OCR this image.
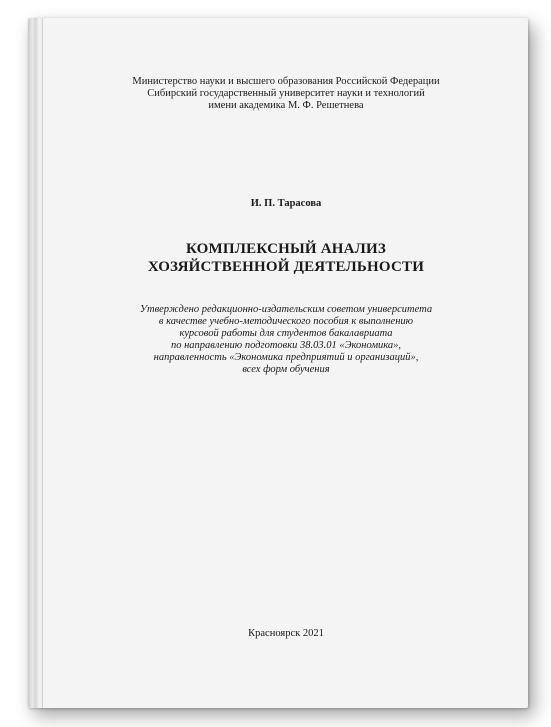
Министерство науки и высшего образования Российской Федерации
Сибирский государственный университет науки и технологий
имени академика М. Ф. Решетнева
И. П. Тарасова
КОМПЛЕКСНЫЙ АНАЛИЗ
ХОЗЯЙСТВЕННОЙ ДЕЯТЕЛЬНОСТИ
Утверждено редакционно-издательским советом университета
в качестве учебно-методического пособия к выполнению
курсовой работы для студентов бакалавриата
по направлению подготовки 38.03.01 «Экономика»,
направленность «Экономика предприятий и организаций»,
всех форм обучения
Красноярск 2021
